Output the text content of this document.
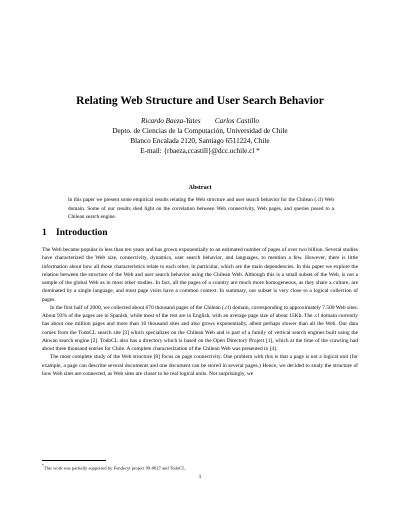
Relating Web Structure and User Search Behavior
Ricardo Baeza-Yates        Carlos Castillo
Depto. de Ciencias de la Computación, Universidad de Chile
Blanco Encalada 2120, Santiago 6511224, Chile
E-mail: {rbaeza,ccastill}@dcc.uchile.cl *
Abstract
In this paper we present some empirical results relating the Web structure and user search behavior for the Chilean (.cl) Web domain. Some of our results shed light on the correlation between Web connectivity, Web pages, and queries posed to a Chilean search engine.
1 Introduction

The Web became popular in less than ten years and has grown exponentially to an estimated number of pages of over two billion. Several studies have characterized the Web size, connectivity, dynamics, user search behavior, and languages, to mention a few. However, there is little information about how all those characteristics relate to each other, in particular, which are the main dependencies. In this paper we explore the relation between the structure of the Web and user search behavior using the Chilean Web. Although this is a small subset of the Web, is not a sample of the global Web as in most other studies. In fact, all the pages of a country are much more homogeneous, as they share a culture, are dominated by a single language, and most page visits have a common context. In summary, our subset is very close to a logical collection of pages.

In the first half of 2000, we collected about 670 thousand pages of the Chilean (.cl) domain, corresponding to approximately 7.500 Web sites. About 93% of the pages are in Spanish, while most of the rest are in English, with an average page size of about 15Kb. The .cl domain currently has about one million pages and more than 10 thousand sites and also grows exponentially, albeit perhaps slower than all the Web. Our data comes from the TodoCL search site [3] which specializes on the Chilean Web and is part of a family of vertical search engines built using the Akwan search engine [2]. TodoCL also has a directory which is based on the Open Directory Project [1], which at the time of the crawling had about three thousand entries for Chile. A complete characterization of the Chilean Web was presented in [4].

The most complete study of the Web structure [8] focus on page connectivity. One problem with this is that a page is not a logical unit (for example, a page can describe several documents and one document can be stored in several pages.) Hence, we decided to study the structure of how Web sites are connected, as Web sites are closer to be real logical units. Not surprisingly, we

*This work was partially supported by Fondecyt project 99-0627 and TodoCL.
1
